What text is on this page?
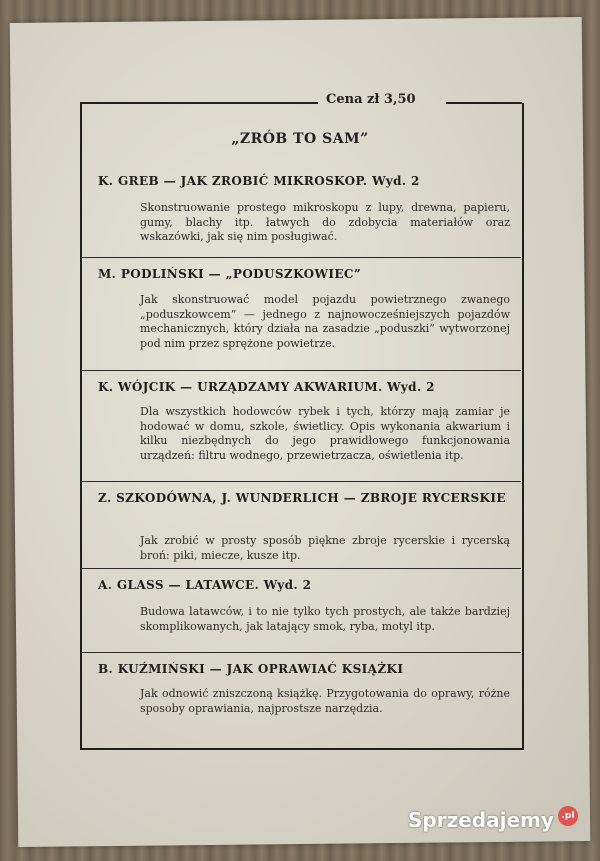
Cena zł 3,50
„ZRÓB TO SAM”
K. GREB — JAK ZROBIĆ MIKROSKOP. Wyd. 2
Skonstruowanie prostego mikroskopu z lupy, drewna, papieru, gumy, blachy itp. łatwych do zdobycia materiałów oraz wskazówki, jak się nim posługiwać.
M. PODLIŃSKI — „PODUSZKOWIEC”
Jak skonstruować model pojazdu powietrznego zwanego „poduszkowcem” — jednego z najnowocześniejszych pojazdów mechanicznych, który działa na zasadzie „poduszki” wytworzonej pod nim przez sprężone powietrze.
K. WÓJCIK — URZĄDZAMY AKWARIUM. Wyd. 2
Dla wszystkich hodowców rybek i tych, którzy mają zamiar je hodować w domu, szkole, świetlicy. Opis wykonania akwarium i kilku niezbędnych do jego prawidłowego funkcjonowania urządzeń: filtru wodnego, przewietrzacza, oświetlenia itp.
Z. SZKODÓWNA, J. WUNDERLICH — ZBROJE RYCERSKIE
Jak zrobić w prosty sposób piękne zbroje rycerskie i rycerską broń: piki, miecze, kusze itp.
A. GLASS — LATAWCE. Wyd. 2
Budowa latawców, i to nie tylko tych prostych, ale także bardziej skomplikowanych, jak latający smok, ryba, motyl itp.
B. KUŹMIŃSKI — JAK OPRAWIAĆ KSIĄŻKI
Jak odnowić zniszczoną książkę. Przygotowania do oprawy, różne sposoby oprawiania, najprostsze narzędzia.
Sprzedajemy .pl
